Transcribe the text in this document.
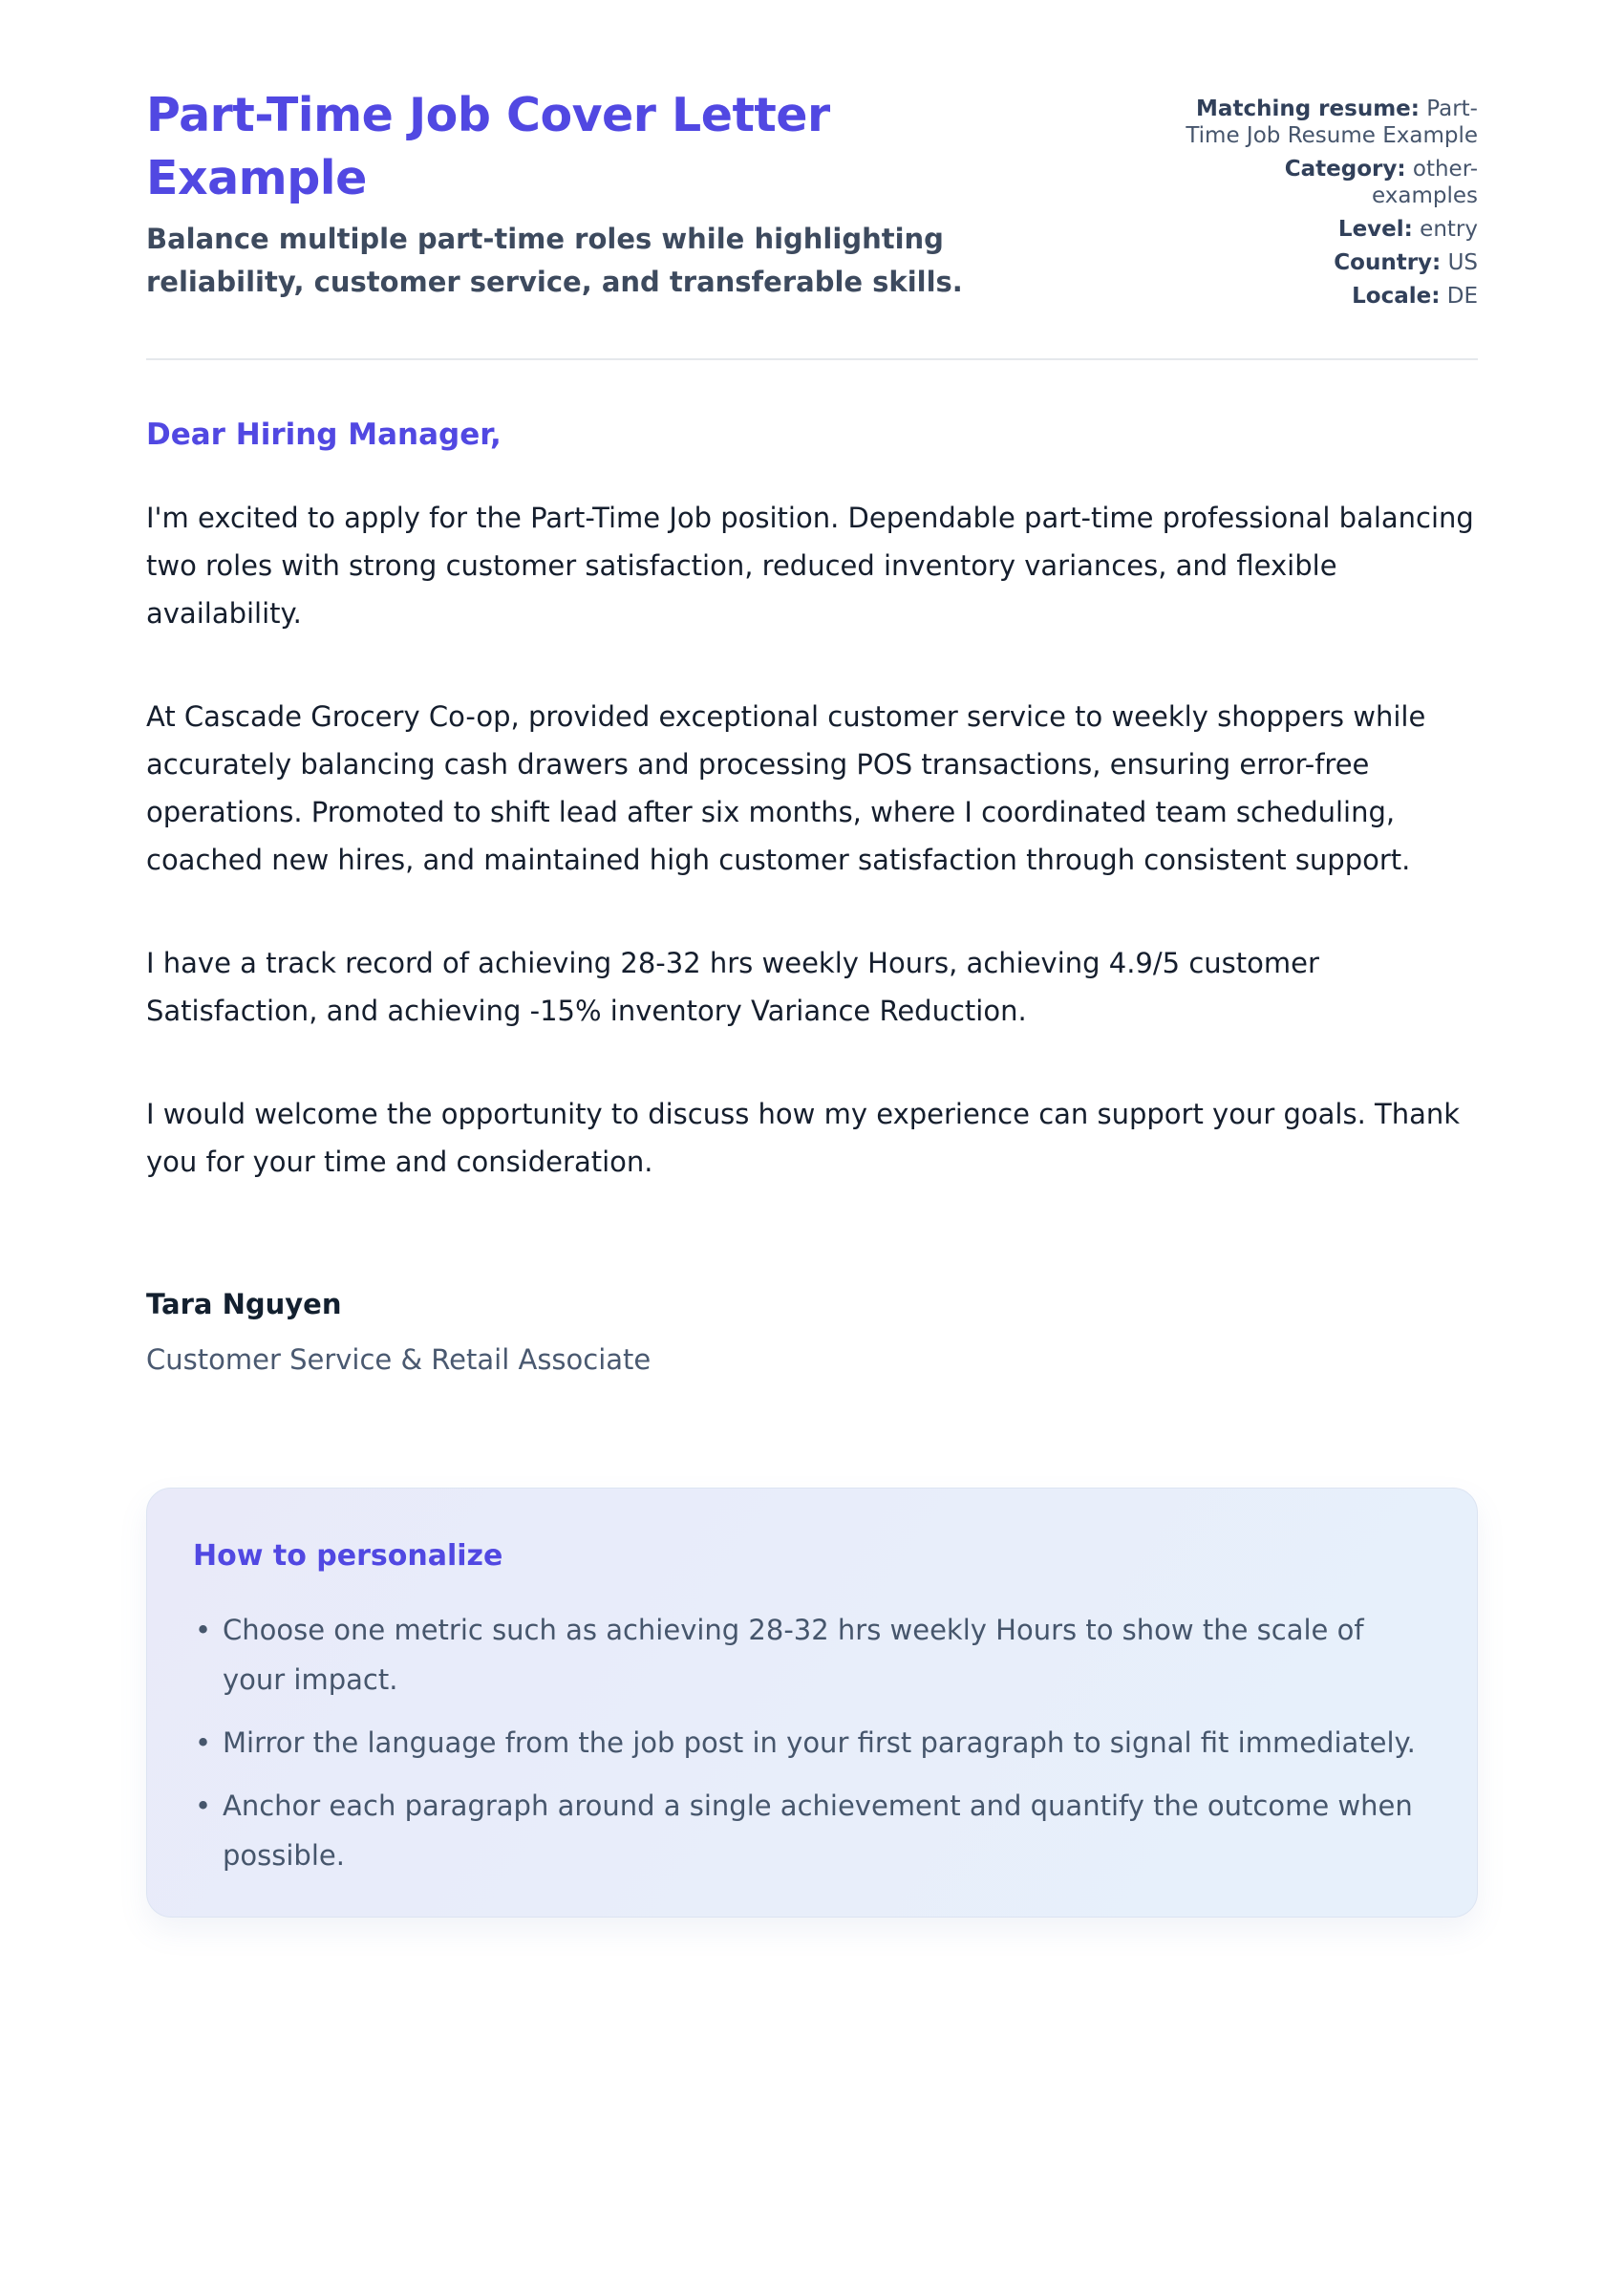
Part-Time Job Cover Letter Example

Balance multiple part-time roles while highlighting reliability, customer service, and transferable skills.

Matching resume: Part-Time Job Resume Example
Category: other-examples
Level: entry
Country: US
Locale: DE
Dear Hiring Manager,

I'm excited to apply for the Part-Time Job position. Dependable part-time professional balancing two roles with strong customer satisfaction, reduced inventory variances, and flexible availability.

At Cascade Grocery Co-op, provided exceptional customer service to weekly shoppers while accurately balancing cash drawers and processing POS transactions, ensuring error-free operations. Promoted to shift lead after six months, where I coordinated team scheduling, coached new hires, and maintained high customer satisfaction through consistent support.

I have a track record of achieving 28-32 hrs weekly Hours, achieving 4.9/5 customer Satisfaction, and achieving -15% inventory Variance Reduction.

I would welcome the opportunity to discuss how my experience can support your goals. Thank you for your time and consideration.

Tara Nguyen

Customer Service & Retail Associate

How to personalize
• Choose one metric such as achieving 28-32 hrs weekly Hours to show the scale of your impact.
• Mirror the language from the job post in your first paragraph to signal fit immediately.
• Anchor each paragraph around a single achievement and quantify the outcome when possible.
